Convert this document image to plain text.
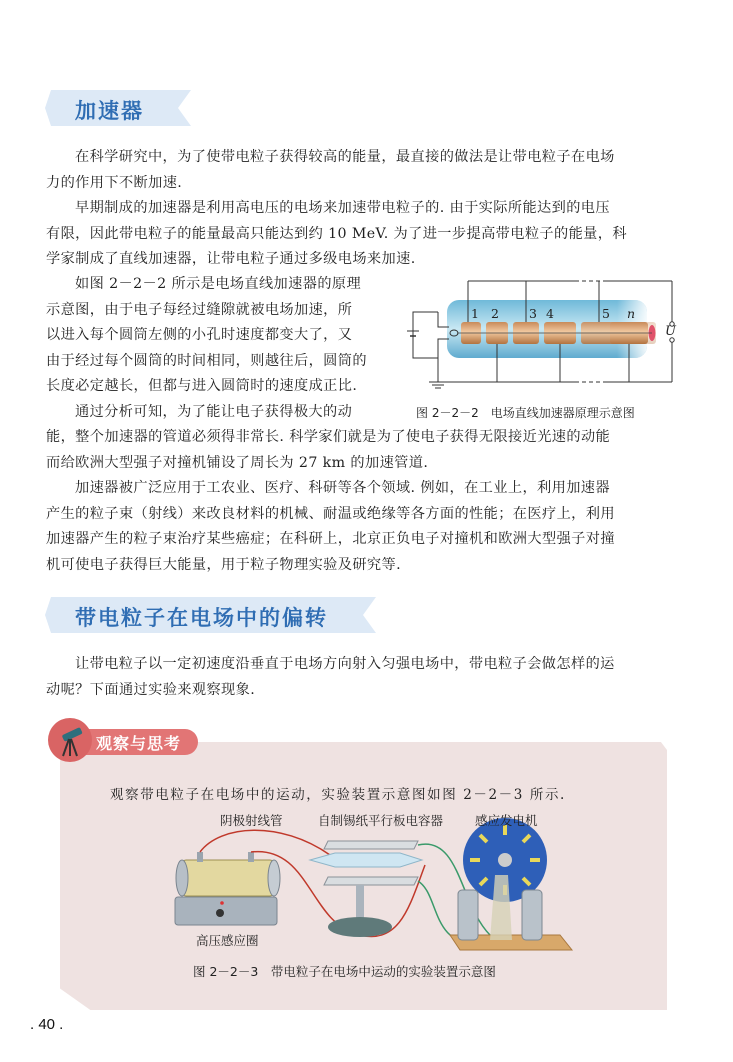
加速器
在科学研究中，为了使带电粒子获得较高的能量，最直接的做法是让带电粒子在电场
力的作用下不断加速.
早期制成的加速器是利用高电压的电场来加速带电粒子的. 由于实际所能达到的电压
有限，因此带电粒子的能量最高只能达到约 10 MeV. 为了进一步提高带电粒子的能量，科
学家制成了直线加速器，让带电粒子通过多级电场来加速.
如图 2－2－2 所示是电场直线加速器的原理
示意图，由于电子每经过缝隙就被电场加速，所
以进入每个圆筒左侧的小孔时速度都变大了，又
由于经过每个圆筒的时间相同，则越往后，圆筒的
长度必定越长，但都与进入圆筒时的速度成正比.
通过分析可知，为了能让电子获得极大的动
1 2 3 4	5 n
U
图 2－2－2　电场直线加速器原理示意图
能，整个加速器的管道必须得非常长. 科学家们就是为了使电子获得无限接近光速的动能
而给欧洲大型强子对撞机铺设了周长为 27 km 的加速管道.
加速器被广泛应用于工农业、医疗、科研等各个领域. 例如，在工业上，利用加速器
产生的粒子束（射线）来改良材料的机械、耐温或绝缘等各方面的性能；在医疗上，利用
加速器产生的粒子束治疗某些癌症；在科研上，北京正负电子对撞机和欧洲大型强子对撞
机可使电子获得巨大能量，用于粒子物理实验及研究等.
带电粒子在电场中的偏转
让带电粒子以一定初速度沿垂直于电场方向射入匀强电场中，带电粒子会做怎样的运
动呢？下面通过实验来观察现象.
观察与思考
观察带电粒子在电场中的运动，实验装置示意图如图 2－2－3 所示.
阴极射线管	自制锡纸平行板电容器	感应发电机
高压感应圈
图 2－2－3　带电粒子在电场中运动的实验装置示意图
. 40 .
